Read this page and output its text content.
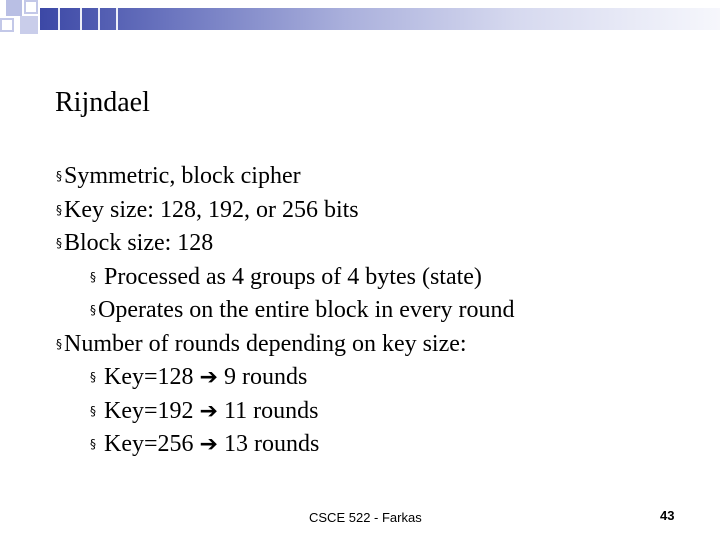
Rijndael
§Symmetric, block cipher
§Key size: 128, 192, or 256 bits
§Block size: 128
§ Processed as 4 groups of 4 bytes (state)
§Operates on the entire block in every round
§Number of rounds depending on key size:
§ Key=128 ➔ 9 rounds
§ Key=192 ➔ 11 rounds
§ Key=256 ➔ 13 rounds
CSCE 522 - Farkas	43
